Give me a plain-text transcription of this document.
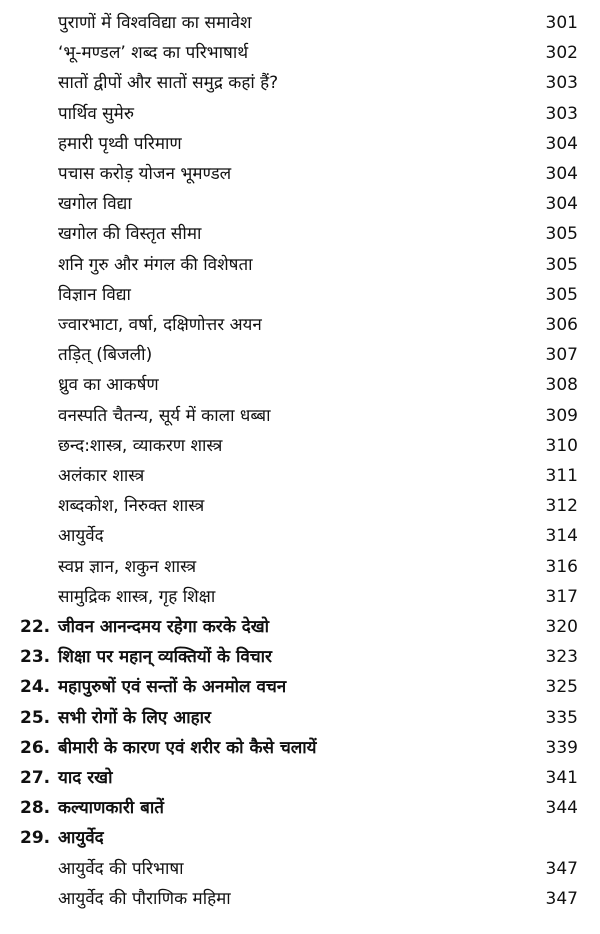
पुराणों में विश्वविद्या का समावेश	301
‘भू-मण्डल’ शब्द का परिभाषार्थ	302
सातों द्वीपों और सातों समुद्र कहां हैं?	303
पार्थिव सुमेरु	303
हमारी पृथ्वी परिमाण	304
पचास करोड़ योजन भूमण्डल	304
खगोल विद्या	304
खगोल की विस्तृत सीमा	305
शनि गुरु और मंगल की विशेषता	305
विज्ञान विद्या	305
ज्वारभाटा, वर्षा, दक्षिणोत्तर अयन	306
तड़ित् (बिजली)	307
ध्रुव का आकर्षण	308
वनस्पति चैतन्य, सूर्य में काला धब्बा	309
छन्द:शास्त्र, व्याकरण शास्त्र	310
अलंकार शास्त्र	311
शब्दकोश, निरुक्त शास्त्र	312
आयुर्वेद	314
स्वप्न ज्ञान, शकुन शास्त्र	316
सामुद्रिक शास्त्र, गृह शिक्षा	317
22. जीवन आनन्दमय रहेगा करके देखो	320
23. शिक्षा पर महान् व्यक्तियों के विचार	323
24. महापुरुषों एवं सन्तों के अनमोल वचन	325
25. सभी रोगों के लिए आहार	335
26. बीमारी के कारण एवं शरीर को कैसे चलायें	339
27. याद रखो	341
28. कल्याणकारी बातें	344
29. आयुर्वेद
आयुर्वेद की परिभाषा	347
आयुर्वेद की पौराणिक महिमा	347
